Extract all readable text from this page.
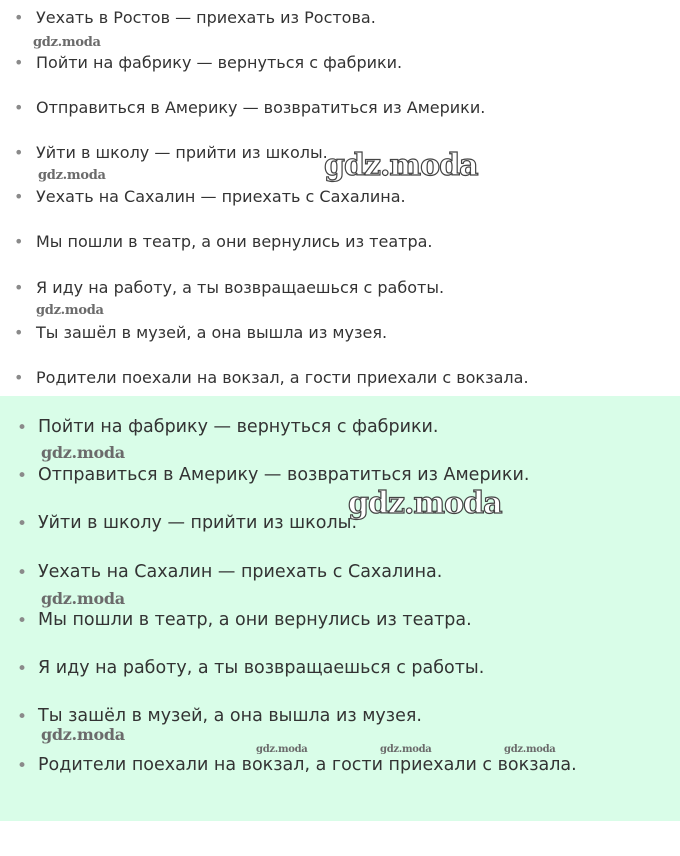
• Уехать в Ростов — приехать из Ростова.
• Пойти на фабрику — вернуться с фабрики.
• Отправиться в Америку — возвратиться из Америки.
• Уйти в школу — прийти из школы.
• Уехать на Сахалин — приехать с Сахалина.
• Мы пошли в театр, а они вернулись из театра.
• Я иду на работу, а ты возвращаешься с работы.
• Ты зашёл в музей, а она вышла из музея.
• Родители поехали на вокзал, а гости приехали с вокзала.
• Пойти на фабрику — вернуться с фабрики.
• Отправиться в Америку — возвратиться из Америки.
• Уйти в школу — прийти из школы.
• Уехать на Сахалин — приехать с Сахалина.
• Мы пошли в театр, а они вернулись из театра.
• Я иду на работу, а ты возвращаешься с работы.
• Ты зашёл в музей, а она вышла из музея.
• Родители поехали на вокзал, а гости приехали с вокзала.
gdz.moda
gdz.moda
gdz.moda
gdz.moda
gdz.moda
gdz.moda
gdz.moda
gdz.moda
gdz.moda	gdz.moda	gdz.moda
